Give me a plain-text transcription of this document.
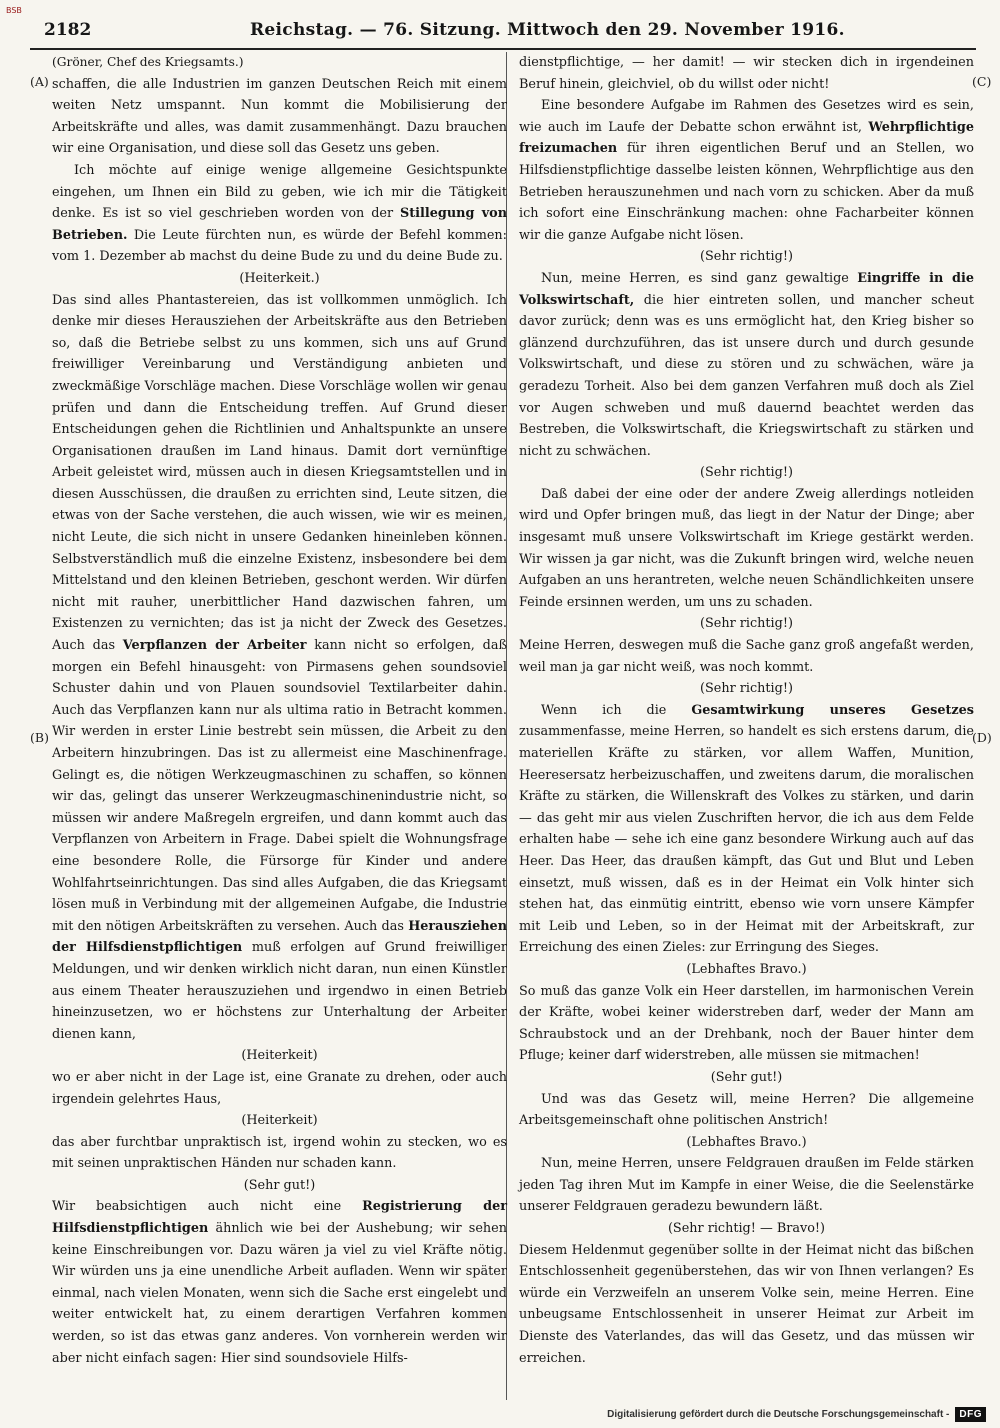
BSB
2182	Reichstag. — 76. Sitzung. Mittwoch den 29. November 1916.
(A)
(B)
(C)
(D)

(Gröner, Chef des Kriegsamts.)

schaffen, die alle Industrien im ganzen Deutschen Reich mit einem weiten Netz umspannt. Nun kommt die Mobilisierung der Arbeitskräfte und alles, was damit zusammenhängt. Dazu brauchen wir eine Organisation, und diese soll das Gesetz uns geben.

Ich möchte auf einige wenige allgemeine Gesichtspunkte eingehen, um Ihnen ein Bild zu geben, wie ich mir die Tätigkeit denke. Es ist so viel geschrieben worden von der Stillegung von Betrieben. Die Leute fürchten nun, es würde der Befehl kommen: vom 1. Dezember ab machst du deine Bude zu und du deine Bude zu.

(Heiterkeit.)

Das sind alles Phantastereien, das ist vollkommen unmöglich. Ich denke mir dieses Herausziehen der Arbeitskräfte aus den Betrieben so, daß die Betriebe selbst zu uns kommen, sich uns auf Grund freiwilliger Vereinbarung und Verständigung anbieten und zweckmäßige Vorschläge machen. Diese Vorschläge wollen wir genau prüfen und dann die Entscheidung treffen. Auf Grund dieser Entscheidungen gehen die Richtlinien und Anhaltspunkte an unsere Organisationen draußen im Land hinaus. Damit dort vernünftige Arbeit geleistet wird, müssen auch in diesen Kriegsamtstellen und in diesen Ausschüssen, die draußen zu errichten sind, Leute sitzen, die etwas von der Sache verstehen, die auch wissen, wie wir es meinen, nicht Leute, die sich nicht in unsere Gedanken hineinleben können. Selbstverständlich muß die einzelne Existenz, insbesondere bei dem Mittelstand und den kleinen Betrieben, geschont werden. Wir dürfen nicht mit rauher, unerbittlicher Hand dazwischen fahren, um Existenzen zu vernichten; das ist ja nicht der Zweck des Gesetzes. Auch das Verpflanzen der Arbeiter kann nicht so erfolgen, daß morgen ein Befehl hinausgeht: von Pirmasens gehen soundsoviel Schuster dahin und von Plauen soundsoviel Textilarbeiter dahin. Auch das Verpflanzen kann nur als ultima ratio in Betracht kommen. Wir werden in erster Linie bestrebt sein müssen, die Arbeit zu den Arbeitern hinzubringen. Das ist zu allermeist eine Maschinenfrage. Gelingt es, die nötigen Werkzeugmaschinen zu schaffen, so können wir das, gelingt das unserer Werkzeugmaschinenindustrie nicht, so müssen wir andere Maßregeln ergreifen, und dann kommt auch das Verpflanzen von Arbeitern in Frage. Dabei spielt die Wohnungsfrage eine besondere Rolle, die Fürsorge für Kinder und andere Wohlfahrtseinrichtungen. Das sind alles Aufgaben, die das Kriegsamt lösen muß in Verbindung mit der allgemeinen Aufgabe, die Industrie mit den nötigen Arbeitskräften zu versehen. Auch das Herausziehen der Hilfsdienstpflichtigen muß erfolgen auf Grund freiwilliger Meldungen, und wir denken wirklich nicht daran, nun einen Künstler aus einem Theater herauszuziehen und irgendwo in einen Betrieb hineinzusetzen, wo er höchstens zur Unterhaltung der Arbeiter dienen kann,

(Heiterkeit)

wo er aber nicht in der Lage ist, eine Granate zu drehen, oder auch irgendein gelehrtes Haus,

(Heiterkeit)

das aber furchtbar unpraktisch ist, irgend wohin zu stecken, wo es mit seinen unpraktischen Händen nur schaden kann.

(Sehr gut!)

Wir beabsichtigen auch nicht eine Registrierung der Hilfsdienstpflichtigen ähnlich wie bei der Aushebung; wir sehen keine Einschreibungen vor. Dazu wären ja viel zu viel Kräfte nötig. Wir würden uns ja eine unendliche Arbeit aufladen. Wenn wir später einmal, nach vielen Monaten, wenn sich die Sache erst eingelebt und weiter entwickelt hat, zu einem derartigen Verfahren kommen werden, so ist das etwas ganz anderes. Von vornherein werden wir aber nicht einfach sagen: Hier sind soundsoviele Hilfs-

dienstpflichtige, — her damit! — wir stecken dich in irgendeinen Beruf hinein, gleichviel, ob du willst oder nicht!

Eine besondere Aufgabe im Rahmen des Gesetzes wird es sein, wie auch im Laufe der Debatte schon erwähnt ist, Wehrpflichtige freizumachen für ihren eigentlichen Beruf und an Stellen, wo Hilfsdienstpflichtige dasselbe leisten können, Wehrpflichtige aus den Betrieben herauszunehmen und nach vorn zu schicken. Aber da muß ich sofort eine Einschränkung machen: ohne Facharbeiter können wir die ganze Aufgabe nicht lösen.

(Sehr richtig!)

Nun, meine Herren, es sind ganz gewaltige Eingriffe in die Volkswirtschaft, die hier eintreten sollen, und mancher scheut davor zurück; denn was es uns ermöglicht hat, den Krieg bisher so glänzend durchzuführen, das ist unsere durch und durch gesunde Volkswirtschaft, und diese zu stören und zu schwächen, wäre ja geradezu Torheit. Also bei dem ganzen Verfahren muß doch als Ziel vor Augen schweben und muß dauernd beachtet werden das Bestreben, die Volkswirtschaft, die Kriegswirtschaft zu stärken und nicht zu schwächen.

(Sehr richtig!)

Daß dabei der eine oder der andere Zweig allerdings notleiden wird und Opfer bringen muß, das liegt in der Natur der Dinge; aber insgesamt muß unsere Volkswirtschaft im Kriege gestärkt werden. Wir wissen ja gar nicht, was die Zukunft bringen wird, welche neuen Aufgaben an uns herantreten, welche neuen Schändlichkeiten unsere Feinde ersinnen werden, um uns zu schaden.

(Sehr richtig!)

Meine Herren, deswegen muß die Sache ganz groß angefaßt werden, weil man ja gar nicht weiß, was noch kommt.

(Sehr richtig!)

Wenn ich die Gesamtwirkung unseres Gesetzes zusammenfasse, meine Herren, so handelt es sich erstens darum, die materiellen Kräfte zu stärken, vor allem Waffen, Munition, Heeresersatz herbeizuschaffen, und zweitens darum, die moralischen Kräfte zu stärken, die Willenskraft des Volkes zu stärken, und darin — das geht mir aus vielen Zuschriften hervor, die ich aus dem Felde erhalten habe — sehe ich eine ganz besondere Wirkung auch auf das Heer. Das Heer, das draußen kämpft, das Gut und Blut und Leben einsetzt, muß wissen, daß es in der Heimat ein Volk hinter sich stehen hat, das einmütig eintritt, ebenso wie vorn unsere Kämpfer mit Leib und Leben, so in der Heimat mit der Arbeitskraft, zur Erreichung des einen Zieles: zur Erringung des Sieges.

(Lebhaftes Bravo.)

So muß das ganze Volk ein Heer darstellen, im harmonischen Verein der Kräfte, wobei keiner widerstreben darf, weder der Mann am Schraubstock und an der Drehbank, noch der Bauer hinter dem Pfluge; keiner darf widerstreben, alle müssen sie mitmachen!

(Sehr gut!)

Und was das Gesetz will, meine Herren? Die allgemeine Arbeitsgemeinschaft ohne politischen Anstrich!

(Lebhaftes Bravo.)

Nun, meine Herren, unsere Feldgrauen draußen im Felde stärken jeden Tag ihren Mut im Kampfe in einer Weise, die die Seelenstärke unserer Feldgrauen geradezu bewundern läßt.

(Sehr richtig! — Bravo!)

Diesem Heldenmut gegenüber sollte in der Heimat nicht das bißchen Entschlossenheit gegenüberstehen, das wir von Ihnen verlangen? Es würde ein Verzweifeln an unserem Volke sein, meine Herren. Eine unbeugsame Entschlossenheit in unserer Heimat zur Arbeit im Dienste des Vaterlandes, das will das Gesetz, und das müssen wir erreichen.

Digitalisierung gefördert durch die Deutsche Forschungsgemeinschaft -	DFG
